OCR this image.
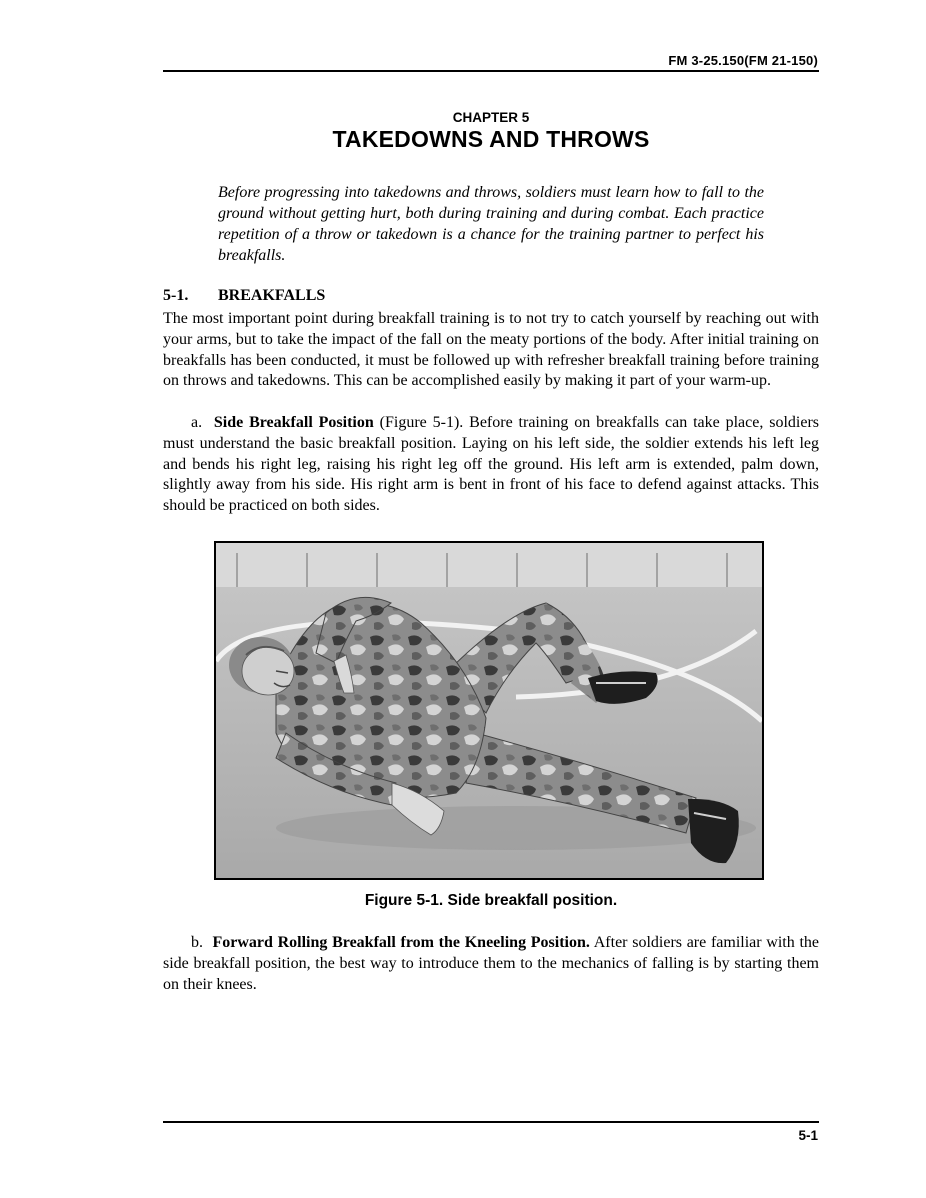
FM 3-25.150(FM 21-150)
CHAPTER 5
TAKEDOWNS AND THROWS
Before progressing into takedowns and throws, soldiers must learn how to fall to the ground without getting hurt, both during training and during combat. Each practice repetition of a throw or takedown is a chance for the training partner to perfect his breakfalls.
5-1. BREAKFALLS
The most important point during breakfall training is to not try to catch yourself by reaching out with your arms, but to take the impact of the fall on the meaty portions of the body. After initial training on breakfalls has been conducted, it must be followed up with refresher breakfall training before training on throws and takedowns. This can be accomplished easily by making it part of your warm-up.
a. Side Breakfall Position (Figure 5-1). Before training on breakfalls can take place, soldiers must understand the basic breakfall position. Laying on his left side, the soldier extends his left leg and bends his right leg, raising his right leg off the ground. His left arm is extended, palm down, slightly away from his side. His right arm is bent in front of his face to defend against attacks. This should be practiced on both sides.
Figure 5-1. Side breakfall position.
b. Forward Rolling Breakfall from the Kneeling Position. After soldiers are familiar with the side breakfall position, the best way to introduce them to the mechanics of falling is by starting them on their knees.
5-1
